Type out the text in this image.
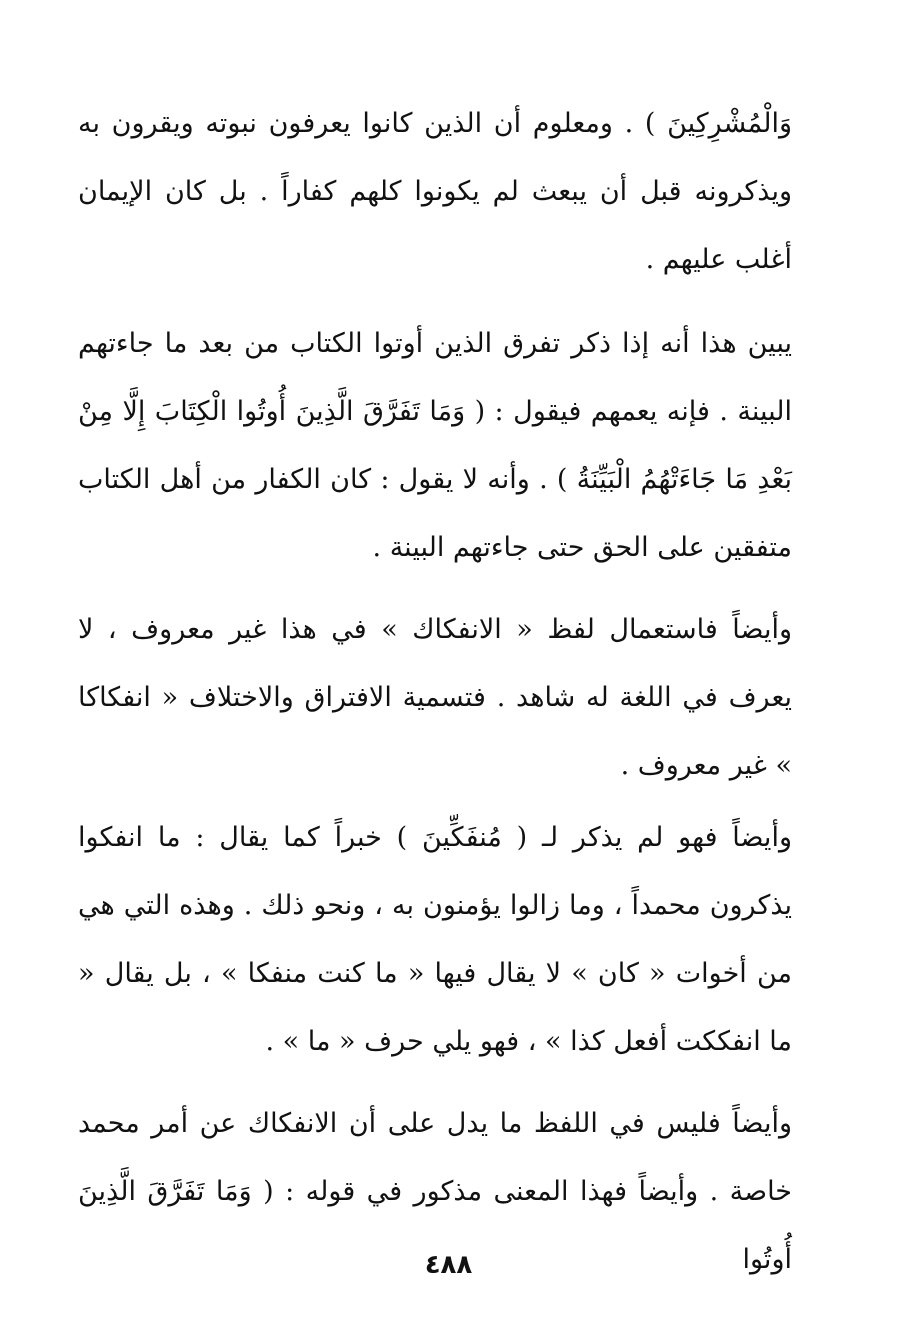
وَالْمُشْرِكِينَ ) . ومعلوم أن الذين كانوا يعرفون نبوته ويقرون به ويذكرونه قبل أن يبعث لم يكونوا كلهم كفاراً . بل كان الإيمان أغلب عليهم .

يبين هذا أنه إذا ذكر تفرق الذين أوتوا الكتاب من بعد ما جاءتهم البينة . فإنه يعمهم فيقول : ( وَمَا تَفَرَّقَ الَّذِينَ أُوتُوا الْكِتَابَ إِلَّا مِنْ بَعْدِ مَا جَاءَتْهُمُ الْبَيِّنَةُ ) . وأنه لا يقول : كان الكفار من أهل الكتاب متفقين على الحق حتى جاءتهم البينة .

وأيضاً فاستعمال لفظ « الانفكاك » في هذا غير معروف ، لا يعرف في اللغة له شاهد . فتسمية الافتراق والاختلاف « انفكاكا » غير معروف .

وأيضاً فهو لم يذكر لـ ( مُنفَكِّينَ ) خبراً كما يقال : ما انفكوا يذكرون محمداً ، وما زالوا يؤمنون به ، ونحو ذلك . وهذه التي هي من أخوات « كان » لا يقال فيها « ما كنت منفكا » ، بل يقال « ما انفككت أفعل كذا » ، فهو يلي حرف « ما » .

وأيضاً فليس في اللفظ ما يدل على أن الانفكاك عن أمر محمد خاصة . وأيضاً فهذا المعنى مذكور في قوله : ( وَمَا تَفَرَّقَ الَّذِينَ أُوتُوا

٤٨٨
